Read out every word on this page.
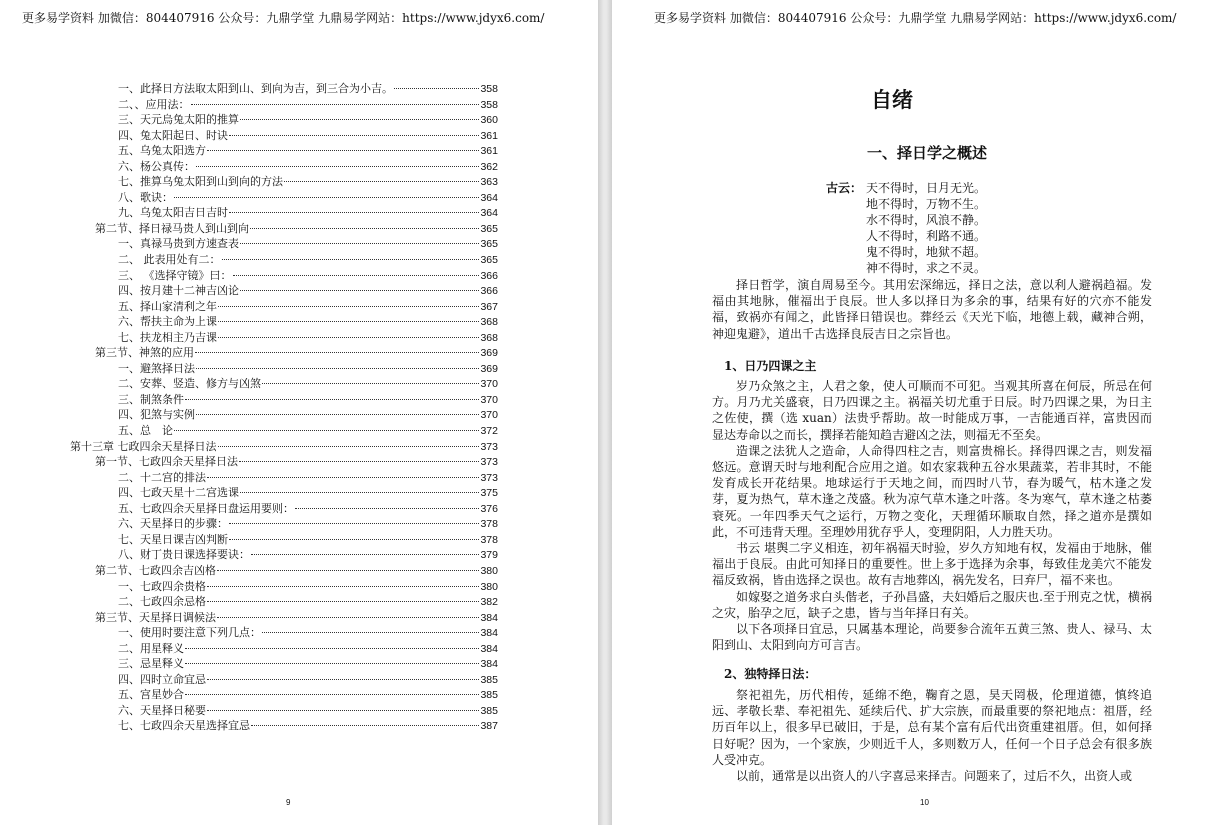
更多易学资料 加微信：804407916 公众号：九鼎学堂 九鼎易学网站：https://www.jdyx6.com/
一、此择日方法取太阳到山、到向为吉，到三合为小吉。	358
二、、应用法：	358
三、天元烏兔太阳的推算	360
四、兔太阳起日、时诀	361
五、乌兔太阳选方	361
六、杨公真传：	362
七、推算乌兔太阳到山到向的方法	363
八、歌诀：	364
九、乌兔太阳吉日吉时	364
第二节、择日禄马贵人到山到向	365
一、真禄马贵到方速查表	365
二、 此表用处有二：	365
三、 《选择守镜》曰：	366
四、按月建十二神吉凶论	366
五、择山家清利之年	367
六、帮扶主命为上课	368
七、扶龙相主乃吉课	368
第三节、神煞的应用	369
一、避煞择日法	369
二、安葬、竖造、修方与凶煞	370
三、制煞条件	370
四、犯煞与实例	370
五、总　论	372
第十三章 七政四余天星择日法	373
第一节、七政四余天星择日法	373
二、十二宫的排法	373
四、七政天星十二宫选课	375
五、七政四余天星择日盘运用要则：	376
六、天星择日的步骤：	378
七、天星日课吉凶判断	378
八、财丁贵日课选择要诀：	379
第二节、七政四余吉凶格	380
一、七政四余贵格	380
二、七政四余忌格	382
第三节、天星择日调候法	384
一、使用时要注意下列几点：	384
二、用星释义	384
三、忌星释义	384
四、四时立命宜忌	385
五、宫星妙合	385
六、天星择日秘要	385
七、七政四余天星选择宜忌	387
9
更多易学资料 加微信：804407916 公众号：九鼎学堂 九鼎易学网站：https://www.jdyx6.com/
自绪
一、择日学之概述
古云： 天不得时，日月无光。
地不得时，万物不生。
水不得时，风浪不静。
人不得时，利路不通。
鬼不得时，地狱不超。
神不得时，求之不灵。

择日哲学，演自周易至今。其用宏深绵远，择日之法，意以利人避祸趋福。发福由其地脉，催福出于良辰。世人多以择日为多余的事，结果有好的穴亦不能发福，致祸亦有闻之，此皆择日错误也。葬经云《天光下临，地德上载，藏神合朔，神迎鬼避》，道出千古选择良辰吉日之宗旨也。

1、日乃四课之主

岁乃众煞之主，人君之象，使人可顺而不可犯。当观其所喜在何辰，所忌在何方。月乃尤关盛衰，日乃四课之主。祸福关切尤重于日辰。时乃四课之果，为日主之佐使，撰（选 xuan）法贵乎帮助。故一时能成万事，一吉能通百祥，富贵因而显达寿命以之而长，撰择若能知趋吉避凶之法，则福无不至矣。

造课之法犹人之造命，人命得四柱之吉，则富贵棉长。择得四课之吉，则发福悠远。意谓天时与地利配合应用之道。如农家栽种五谷水果蔬菜，若非其时，不能发育成长开花结果。地球运行于天地之间，而四时八节，春为暖气，枯木逢之发芽，夏为热气，草木逢之茂盛。秋为凉气草木逢之叶落。冬为寒气，草木逢之枯萎衰死。一年四季天气之运行，万物之变化，天理循环顺取自然，择之道亦是撰如此，不可违背天理。至理妙用犹存乎人，变理阴阳，人力胜天功。

书云 堪舆二字义相连，初年祸福天时验，岁久方知地有权，发福由于地脉，催福出于良辰。由此可知择日的重要性。世上多于选择为余事，每致佳龙美穴不能发福反致祸，皆由选择之误也。故有吉地葬凶，祸先发名，曰弃尸，福不来也。

如嫁娶之道务求白头偕老，子孙昌盛，夫妇婚后之服庆也.至于刑克之忧，横祸之灾，胎孕之厄，缺子之患，皆与当年择日有关。

以下各项择日宜忌，只属基本理论，尚要参合流年五黄三煞、贵人、禄马、太阳到山、太阳到向方可言吉。

2、独特择日法：

祭祀祖先，历代相传，延绵不绝，鞠育之恩，昊天罔极，伦理道德，慎终追远、孝敬长辈、奉祀祖先、延续后代、扩大宗族，而最重要的祭祀地点：祖厝，经历百年以上，很多早已破旧，于是，总有某个富有后代出资重建祖厝。但，如何择日好呢？因为，一个家族，少则近千人，多则数万人，任何一个日子总会有很多族人受冲克。

以前，通常是以出资人的八字喜忌来择吉。问题来了，过后不久，出资人或

10
